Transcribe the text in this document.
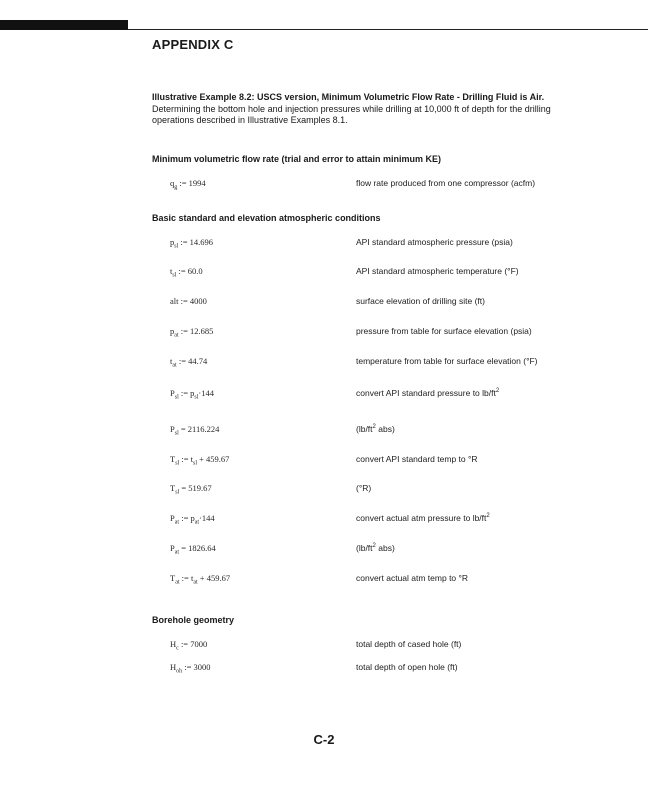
APPENDIX C
Illustrative Example 8.2: USCS version, Minimum Volumetric Flow Rate - Drilling Fluid is Air. Determining the bottom hole and injection pressures while drilling at 10,000 ft of depth for the drilling operations described in Illustrative Examples 8.1.
Minimum volumetric flow rate (trial and error to attain minimum KE)
$q_g$ := 1994	flow rate produced from one compressor (acfm)
Basic standard and elevation atmospheric conditions
$p_{sl}$ := 14.696	API standard atmospheric pressure (psia)
$t_{sl}$ := 60.0	API standard atmospheric temperature (°F)
alt := 4000	surface elevation of drilling site (ft)
$p_{at}$ := 12.685	pressure from table for surface elevation (psia)
$t_{at}$ := 44.74	temperature from table for surface elevation (°F)
$P_{sl}$ := $p_{sl}\cdot 144$	convert API standard pressure to $lb/ft^2$
$P_{sl} = 2116.224$	($lb/ft^2$ abs)
$T_{sl}$ := $t_{sl} + 459.67$	convert API standard temp to °R
$T_{sl} = 519.67$	(°R)
$P_{at}$ := $p_{at}\cdot 144$	convert actual atm pressure to $lb/ft^2$
$P_{at} = 1826.64$	($lb/ft^2$ abs)
$T_{at}$ := $t_{at} + 459.67$	convert actual atm temp to °R
Borehole geometry
$H_c$ := 7000	total depth of cased hole (ft)
$H_{oh}$ := 3000	total depth of open hole (ft)
C-2
